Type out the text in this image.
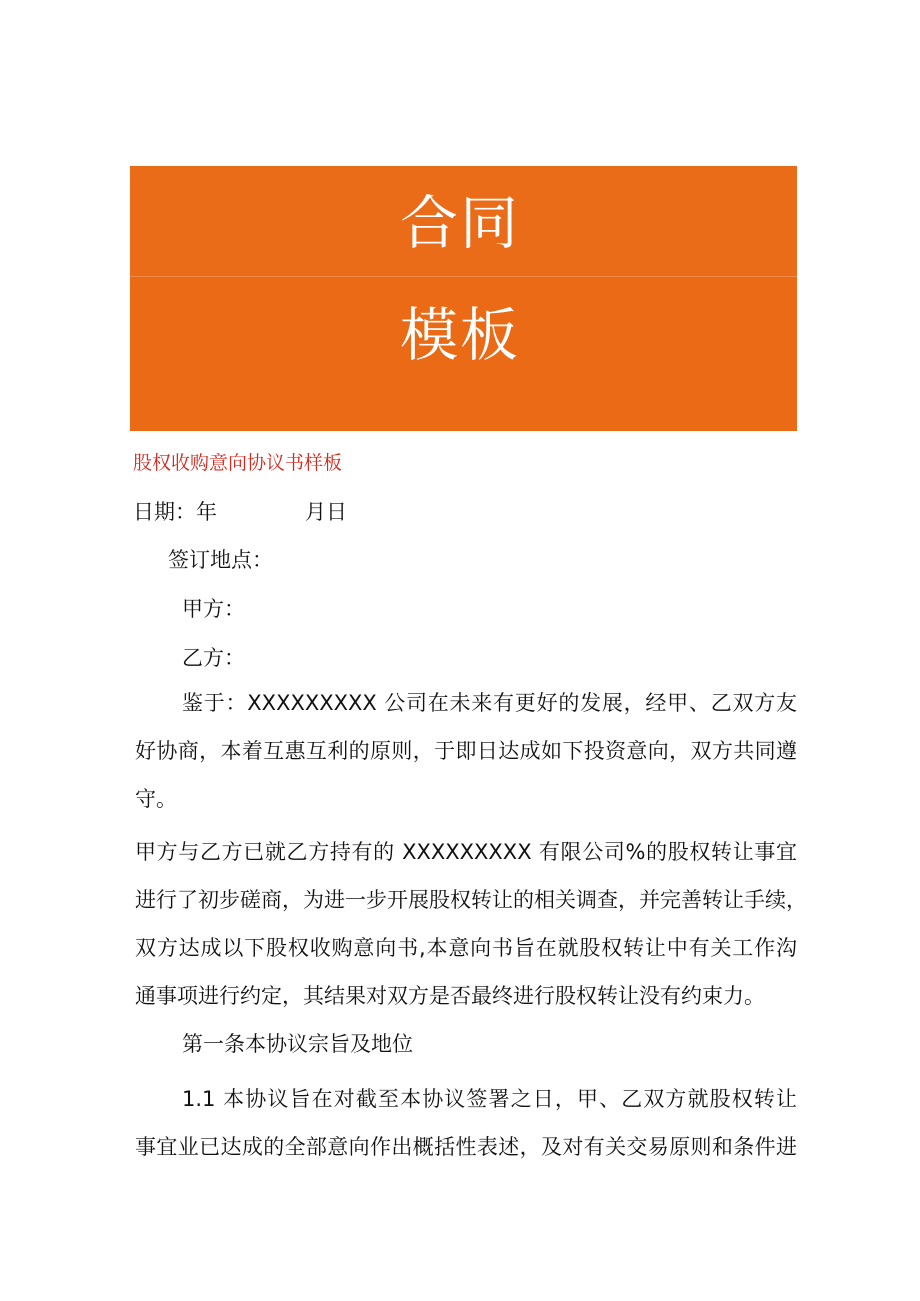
合同
模板
股权收购意向协议书样板
日期：年	月日
签订地点：
甲方：
乙方：
鉴于：XXXXXXXXX 公司在未来有更好的发展，经甲、乙双方友
好协商，本着互惠互利的原则，于即日达成如下投资意向，双方共同遵
守。
甲方与乙方已就乙方持有的 XXXXXXXXX 有限公司%的股权转让事宜
进行了初步磋商，为进一步开展股权转让的相关调查，并完善转让手续，
双方达成以下股权收购意向书,本意向书旨在就股权转让中有关工作沟
通事项进行约定，其结果对双方是否最终进行股权转让没有约束力。
第一条本协议宗旨及地位
1.1 本协议旨在对截至本协议签署之日，甲、乙双方就股权转让
事宜业已达成的全部意向作出概括性表述，及对有关交易原则和条件进
